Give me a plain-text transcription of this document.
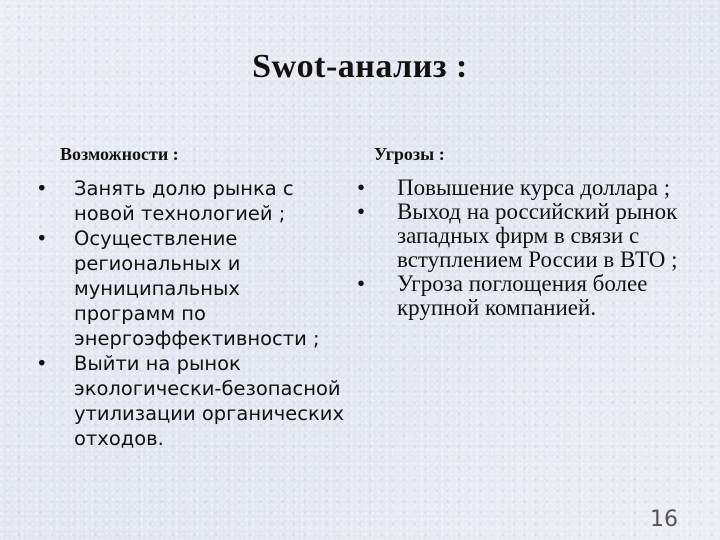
Swot-анализ :
Возможности :	Угрозы :
• Занять долю рынка с новой технологией ;
• Осуществление региональных и муниципальных программ по энергоэффективности ;
• Выйти на рынок экологически-безопасной утилизации органических отходов.
• Повышение курса доллара ;
• Выход на российский рынок западных фирм в связи с вступлением России в ВТО ;
• Угроза поглощения более крупной компанией.
16
